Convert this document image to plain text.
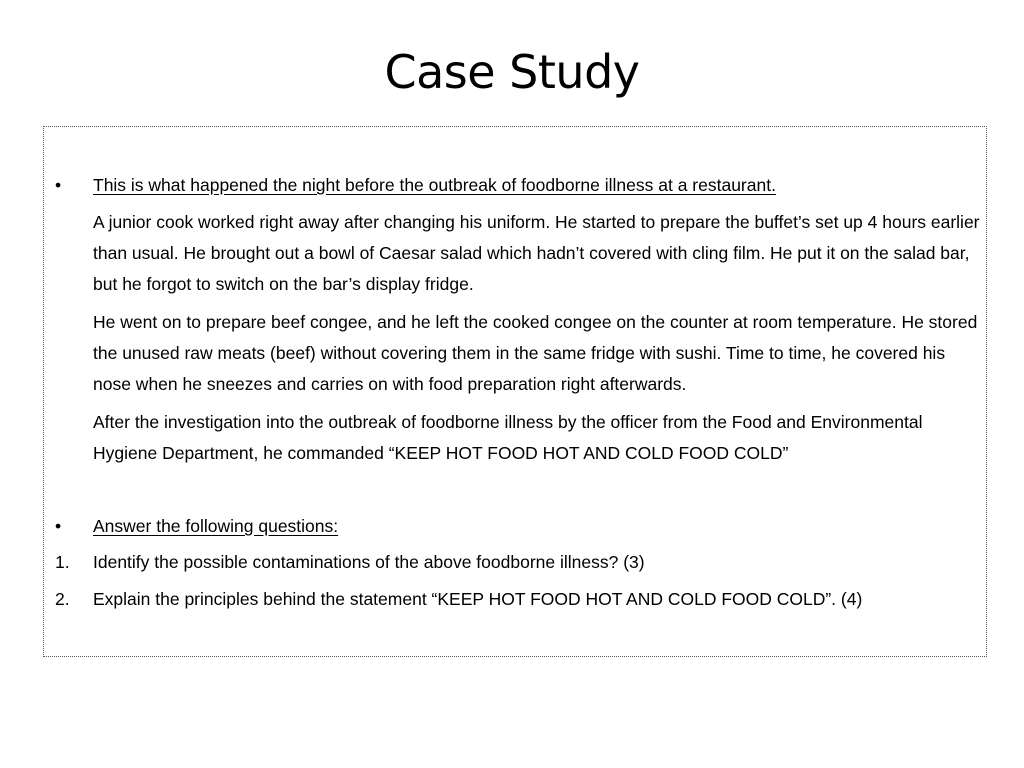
Case Study
• This is what happened the night before the outbreak of foodborne illness at a restaurant.
A junior cook worked right away after changing his uniform. He started to prepare the buffet’s set up 4 hours earlier than usual. He brought out a bowl of Caesar salad which hadn’t covered with cling film. He put it on the salad bar, but he forgot to switch on the bar’s display fridge.
He went on to prepare beef congee, and he left the cooked congee on the counter at room temperature. He stored the unused raw meats (beef) without covering them in the same fridge with sushi. Time to time, he covered his nose when he sneezes and carries on with food preparation right afterwards.
After the investigation into the outbreak of foodborne illness by the officer from the Food and Environmental Hygiene Department, he commanded “KEEP HOT FOOD HOT AND COLD FOOD COLD”
• Answer the following questions:
1. Identify the possible contaminations of the above foodborne illness? (3)
2. Explain the principles behind the statement “KEEP HOT FOOD HOT AND COLD FOOD COLD”. (4)
